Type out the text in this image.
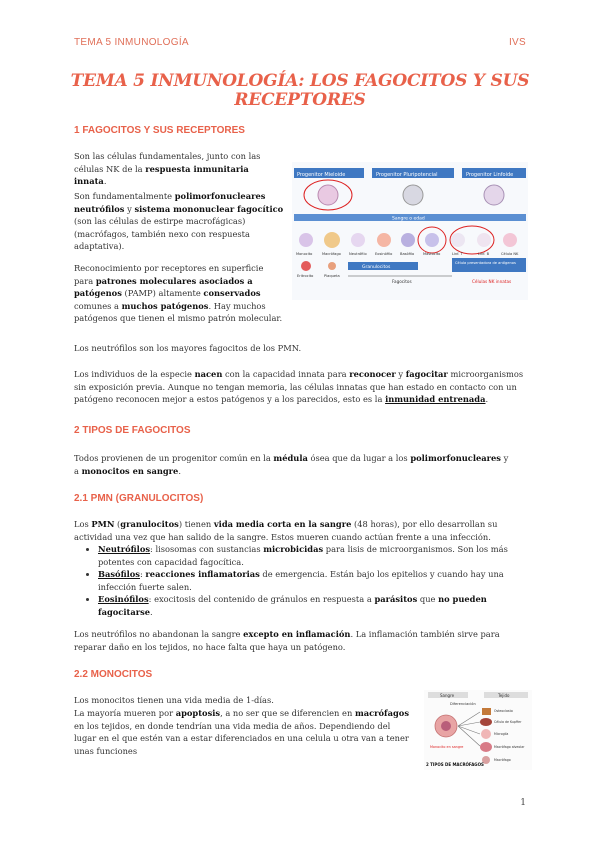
TEMA 5 INMUNOLOGÍA	IVS
TEMA 5 INMUNOLOGÍA: LOS FAGOCITOS Y SUS
RECEPTORES
1 FAGOCITOS Y SUS RECEPTORES
Son las células fundamentales, junto con las células NK de la respuesta inmunitaria innata.
Son fundamentalmente polimorfonucleares neutrófilos y sistema mononuclear fagocítico (son las células de estirpe macrofágicas)(macrófagos, también nexo con respuesta adaptativa).
Reconocimiento por receptores en superficie para patrones moleculares asociados a patógenos (PAMP) altamente conservados comunes a muchos patógenos. Hay muchos patógenos que tienen el mismo patrón molecular.
Los neutrófilos son los mayores fagocitos de los PMN.
Los individuos de la especie nacen con la capacidad innata para reconocer y fagocitar microorganismos sin exposición previa. Aunque no tengan memoria, las células innatas que han estado en contacto con un patógeno reconocen mejor a estos patógenos y a los parecidos, esto es la inmunidad entrenada.
Progenitor Mieloide	Progenitor Pluripotencial	Progenitor Linfoide
Sangre o edad
Monocito	Macrófago Neutrófilo Eosinófilo Basófilo Mastocito	Linf. T	Linf. B	Célula NK
Eritrocito	Plaqueta
Granulocitos
Célula presentadora de antígenos
Fagocitos	Células NK innatas
2 TIPOS DE FAGOCITOS
Todos provienen de un progenitor común en la médula ósea que da lugar a los polimorfonucleares y a monocitos en sangre.
2.1 PMN (GRANULOCITOS)
Los PMN (granulocitos) tienen vida media corta en la sangre (48 horas), por ello desarrollan su actividad una vez que han salido de la sangre. Estos mueren cuando actúan frente a una infección.
• Neutrófilos: lisosomas con sustancias microbicidas para lisis de microorganismos. Son los más potentes con capacidad fagocítica.
• Basófilos: reacciones inflamatorias de emergencia. Están bajo los epitelios y cuando hay una infección fuerte salen.
• Eosinófilos: exocitosis del contenido de gránulos en respuesta a parásitos que no pueden fagocitarse.
Los neutrófilos no abandonan la sangre excepto en inflamación. La inflamación también sirve para reparar daño en los tejidos, no hace falta que haya un patógeno.
2.2 MONOCITOS
Los monocitos tienen una vida media de 1-días.
La mayoría mueren por apoptosis, a no ser que se diferencien en macrófagos en los tejidos, en donde tendrían una vida media de años. Dependiendo del lugar en el que estén van a estar diferenciados en una celula u otra van a tener unas funciones
Sangre	Tejido
Diferenciación
Osteoclasto
Célula de Kupffer
Microglía
Macrófago alveolar
Macrófago
Monocito en sangre
2 TIPOS DE MACRÓFAGOS
1
